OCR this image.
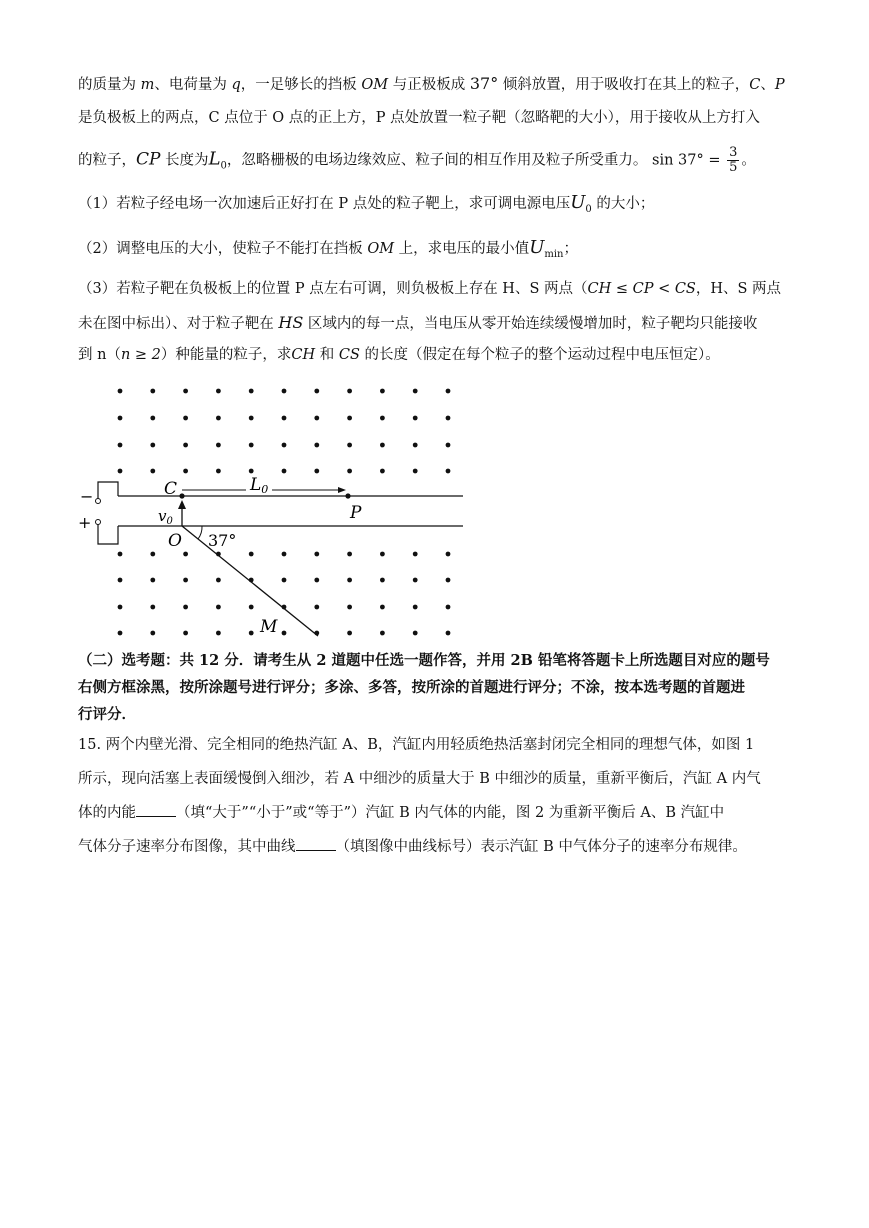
的质量为 m、电荷量为 q，一足够长的挡板 OM 与正极板成 37° 倾斜放置，用于吸收打在其上的粒子，C、P
是负极板上的两点，C 点位于 O 点的正上方，P 点处放置一粒子靶（忽略靶的大小），用于接收从上方打入
的粒子，CP 长度为$L_0$，忽略栅极的电场边缘效应、粒子间的相互作用及粒子所受重力。 $\sin 37^\circ = \frac{3}{5}$ 。
（1）若粒子经电场一次加速后正好打在 P 点处的粒子靶上，求可调电源电压$U_0$ 的大小；
（2）调整电压的大小，使粒子不能打在挡板 OM 上，求电压的最小值$U_{min}$；
（3）若粒子靶在负极板上的位置 P 点左右可调，则负极板上存在 H、S 两点（CH ≤ CP < CS，H、S 两点
未在图中标出）、对于粒子靶在 HS 区域内的每一点，当电压从零开始连续缓慢增加时，粒子靶均只能接收
到 n（n ≥ 2）种能量的粒子，求CH 和 CS 的长度（假定在每个粒子的整个运动过程中电压恒定）。
−
+
C
P
L0
$v_0$
O 37°
M
（二）选考题：共 12 分．请考生从 2 道题中任选一题作答，并用 2B 铅笔将答题卡上所选题目对应的题号
右侧方框涂黑，按所涂题号进行评分；多涂、多答，按所涂的首题进行评分；不涂，按本选考题的首题进
行评分．
15. 两个内壁光滑、完全相同的绝热汽缸 A、B，汽缸内用轻质绝热活塞封闭完全相同的理想气体，如图 1
所示，现向活塞上表面缓慢倒入细沙，若 A 中细沙的质量大于 B 中细沙的质量，重新平衡后，汽缸 A 内气
体的内能	（填“大于”“小于”或“等于”）汽缸 B 内气体的内能，图 2 为重新平衡后 A、B 汽缸中
气体分子速率分布图像，其中曲线	（填图像中曲线标号）表示汽缸 B 中气体分子的速率分布规律。
